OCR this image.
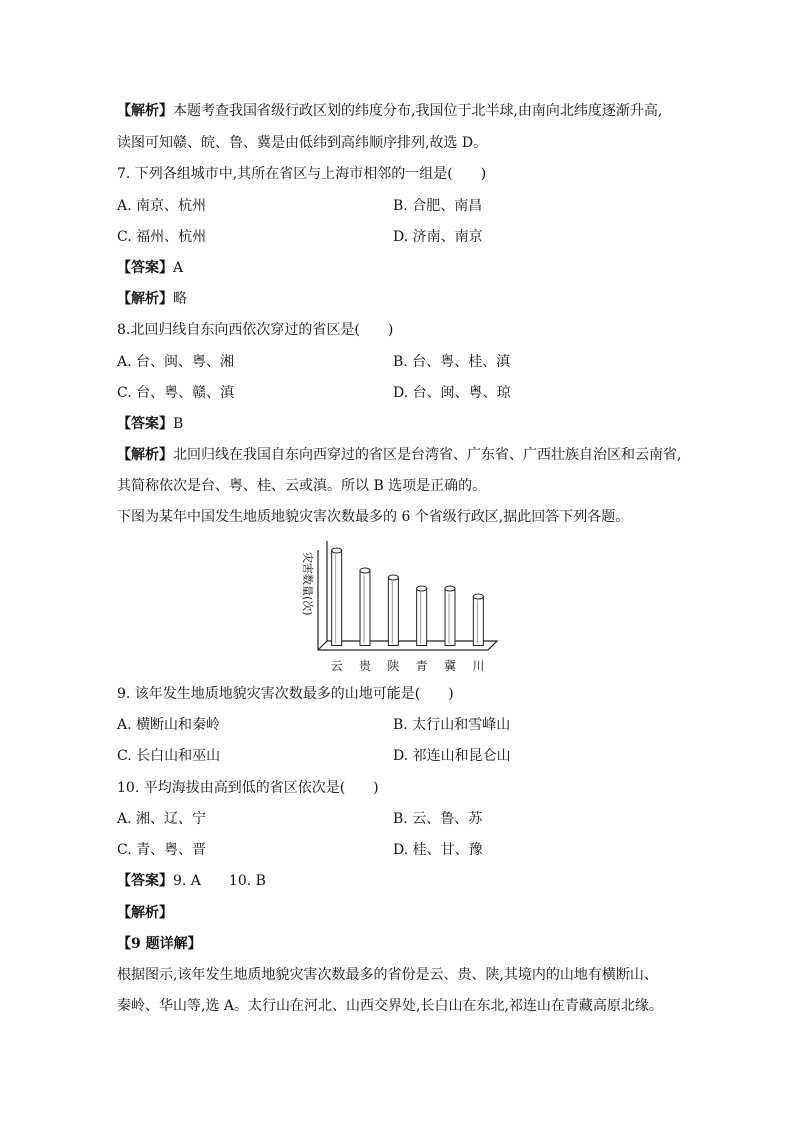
【解析】本题考查我国省级行政区划的纬度分布,我国位于北半球,由南向北纬度逐渐升高,
读图可知赣、皖、鲁、冀是由低纬到高纬顺序排列,故选 D。
7. 下列各组城市中,其所在省区与上海市相邻的一组是(　　)
A. 南京、杭州	B. 合肥、南昌
C. 福州、杭州	D. 济南、南京
【答案】A
【解析】略
8.北回归线自东向西依次穿过的省区是(　　)
A. 台、闽、粤、湘	B. 台、粤、桂、滇
C. 台、粤、赣、滇	D. 台、闽、粤、琼
【答案】B
【解析】北回归线在我国自东向西穿过的省区是台湾省、广东省、广西壮族自治区和云南省,
其简称依次是台、粤、桂、云或滇。所以 B 选项是正确的。
下图为某年中国发生地质地貌灾害次数最多的 6 个省级行政区,据此回答下列各题。
灾害数量(次)
云 贵 陕 青 冀 川
9. 该年发生地质地貌灾害次数最多的山地可能是(　　)
A. 横断山和秦岭	B. 太行山和雪峰山
C. 长白山和巫山	D. 祁连山和昆仑山
10. 平均海拔由高到低的省区依次是(　　)
A. 湘、辽、宁	B. 云、鲁、苏
C. 青、粤、晋	D. 桂、甘、豫
【答案】9. A　　10. B
【解析】
【9 题详解】
根据图示,该年发生地质地貌灾害次数最多的省份是云、贵、陕,其境内的山地有横断山、
秦岭、华山等,选 A。太行山在河北、山西交界处,长白山在东北,祁连山在青藏高原北缘。
